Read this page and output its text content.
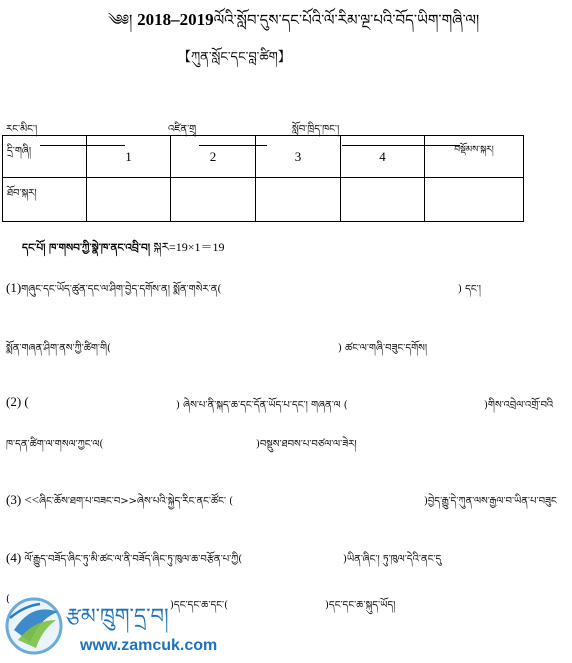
༄༅། 2018–2019ལོའི་སློབ་དུས་དང་པོའི་ལོ་རིམ་ལྔ་པའི་བོད་ཡིག་གཞི་ལ།
【ཀུན་སློང་དང་བླ་ཚིག】
རང་མིང་།	འཛིན་གྲྭ	སློབ་ཁྲིད་ཁང་།
དྲི་གཞི།	1	2	3	4	བསྡོམས་སྐར།
ཐོབ་སྐར།					
དང་པོ། ཁ་གསབ་ཀྱི་སྣེ་ཁ་ནང་འབྲི་བ། སྐར=19×1＝19
(1)གཞུང་དང་ཡོད་ཚུན་དང་ལ་ཤིག་བྱེད་དགོས་ན། སྨོན་གསེར་ན(	) དང་།
སྨོན་གཞན་ཤིག་ནས་ཀྱི་ཚིག་གི(	) ཚང་ལ་གཞི་བཟུང་དགོས།
(2) (	) ཞེས་པ་ནི་སྐད་ཆ་དང་དོན་ཡོད་པ་དང་། གཞན་ལ (	)གིས་འབྲེལ་འགྲོ་བའི
ཁ་དན་ཚིག་ལ་གསལ་ཀྱང་ལ(	)བསྡུས་ཐབས་པ་བཙལ་ལ་ཟེར།
(3) <<ཞིང་ཆོས་ཐག་པ་བཟང་བ>>ཞེས་པའི་སྐྱེད་རིང་ནང་ཚོང་ (	)བྱེད་རྒྱུ་དེ་ཀུན་ལས་རྒྱལ་བ་ཡིན་པ་བཟུང
(4) ལོ་རྒྱུད་བཟོད་ཞིང་ཏུ་མི་ཚང་ལ་ནི་བཟོད་ཞིང་ཏུ་ཁུལ་ཆ་བརྩོན་པ་ཀྱི(	)ཡིན་ཞིང་། ཏུ་ཁུལ་དེའི་ནང་དུ
(
)དང་དང་ཆ་དང་(	)དང་དང་ཆ་སྐུད་ཡོད།
རྩམ་ཁྲུག་དྲ་བ།
www.zamcuk.com
